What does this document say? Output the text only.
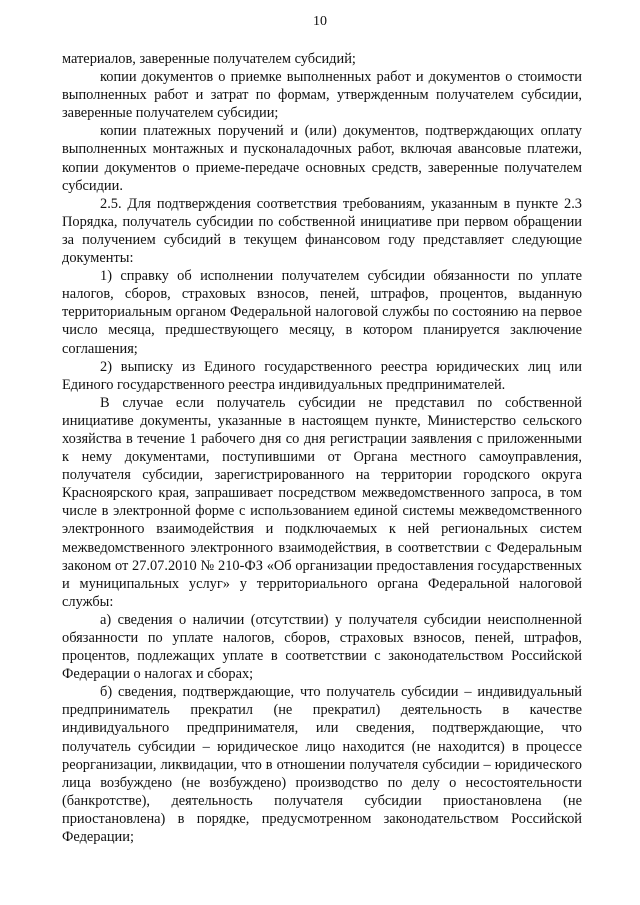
10

материалов, заверенные получателем субсидий;

копии документов о приемке выполненных работ и документов о стоимости выполненных работ и затрат по формам, утвержденным получателем субсидии, заверенные получателем субсидии;

копии платежных поручений и (или) документов, подтверждающих оплату выполненных монтажных и пусконаладочных работ, включая авансовые платежи, копии документов о приеме-передаче основных средств, заверенные получателем субсидии.

2.5. Для подтверждения соответствия требованиям, указанным в пункте 2.3 Порядка, получатель субсидии по собственной инициативе при первом обращении за получением субсидий в текущем финансовом году представляет следующие документы:

1) справку об исполнении получателем субсидии обязанности по уплате налогов, сборов, страховых взносов, пеней, штрафов, процентов, выданную территориальным органом Федеральной налоговой службы по состоянию на первое число месяца, предшествующего месяцу, в котором планируется заключение соглашения;

2) выписку из Единого государственного реестра юридических лиц или Единого государственного реестра индивидуальных предпринимателей.

В случае если получатель субсидии не представил по собственной инициативе документы, указанные в настоящем пункте, Министерство сельского хозяйства в течение 1 рабочего дня со дня регистрации заявления с приложенными к нему документами, поступившими от Органа местного самоуправления, получателя субсидии, зарегистрированного на территории городского округа Красноярского края, запрашивает посредством межведомственного запроса, в том числе в электронной форме с использованием единой системы межведомственного электронного взаимодействия и подключаемых к ней региональных систем межведомственного электронного взаимодействия, в соответствии с Федеральным законом от 27.07.2010 № 210-ФЗ «Об организации предоставления государственных и муниципальных услуг» у территориального органа Федеральной налоговой службы:

а) сведения о наличии (отсутствии) у получателя субсидии неисполненной обязанности по уплате налогов, сборов, страховых взносов, пеней, штрафов, процентов, подлежащих уплате в соответствии с законодательством Российской Федерации о налогах и сборах;

б) сведения, подтверждающие, что получатель субсидии – индивидуальный предприниматель прекратил (не прекратил) деятельность в качестве индивидуального предпринимателя, или сведения, подтверждающие, что получатель субсидии – юридическое лицо находится (не находится) в процессе реорганизации, ликвидации, что в отношении получателя субсидии – юридического лица возбуждено (не возбуждено) производство по делу о несостоятельности (банкротстве), деятельность получателя субсидии приостановлена (не приостановлена) в порядке, предусмотренном законодательством Российской Федерации;
